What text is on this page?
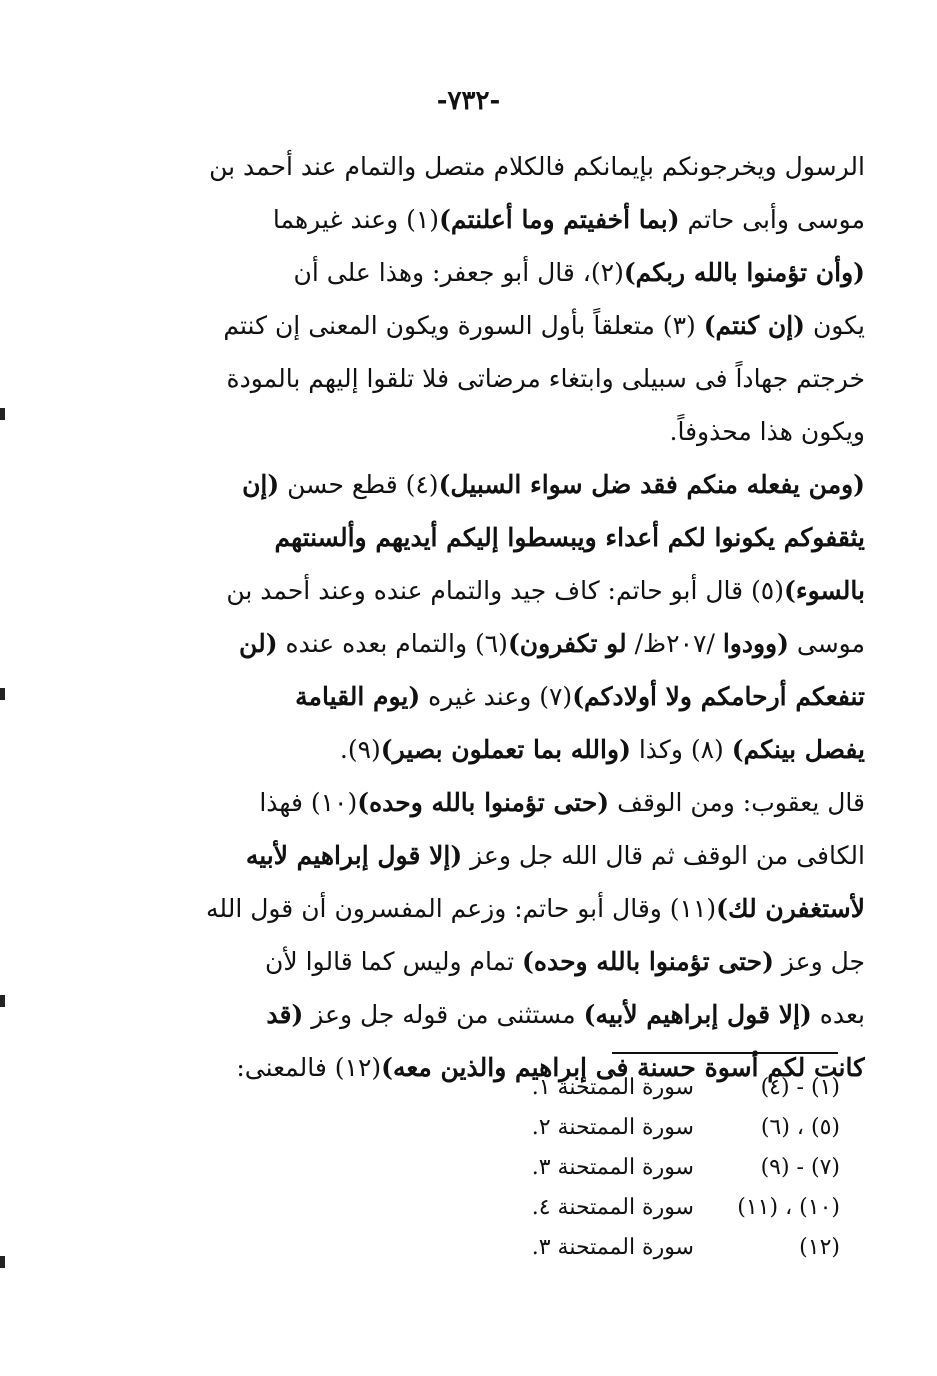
-٧٣٢-
الرسول ويخرجونكم بإيمانكم فالكلام متصل والتمام عند أحمد بن
موسى وأبى حاتم (بما أخفيتم وما أعلنتم)(١) وعند غيرهما
(وأن تؤمنوا بالله ربكم)(٢)، قال أبو جعفر: وهذا على أن
يكون (إن كنتم) (٣) متعلقاً بأول السورة ويكون المعنى إن كنتم
خرجتم جهاداً فى سبيلى وابتغاء مرضاتى فلا تلقوا إليهم بالمودة
ويكون هذا محذوفاً.
(ومن يفعله منكم فقد ضل سواء السبيل)(٤) قطع حسن (إن
يثقفوكم يكونوا لكم أعداء ويبسطوا إليكم أيديهم وألسنتهم
بالسوء)(٥) قال أبو حاتم: كاف جيد والتمام عنده وعند أحمد بن
موسى (وودوا /٢٠٧ظ/ لو تكفرون)(٦) والتمام بعده عنده (لن
تنفعكم أرحامكم ولا أولادكم)(٧) وعند غيره (يوم القيامة
يفصل بينكم) (٨) وكذا (والله بما تعملون بصير)(٩).
قال يعقوب: ومن الوقف (حتى تؤمنوا بالله وحده)(١٠) فهذا
الكافى من الوقف ثم قال الله جل وعز (إلا قول إبراهيم لأبيه
لأستغفرن لك)(١١) وقال أبو حاتم: وزعم المفسرون أن قول الله
جل وعز (حتى تؤمنوا بالله وحده) تمام وليس كما قالوا لأن
بعده (إلا قول إبراهيم لأبيه) مستثنى من قوله جل وعز (قد
كانت لكم أسوة حسنة فى إبراهيم والذين معه)(١٢) فالمعنى:
(١) - (٤)
سورة الممتحنة ١.
(٥) ، (٦)
سورة الممتحنة ٢.
(٧) - (٩)
سورة الممتحنة ٣.
(١٠) ، (١١)
سورة الممتحنة ٤.
(١٢)
سورة الممتحنة ٣.
